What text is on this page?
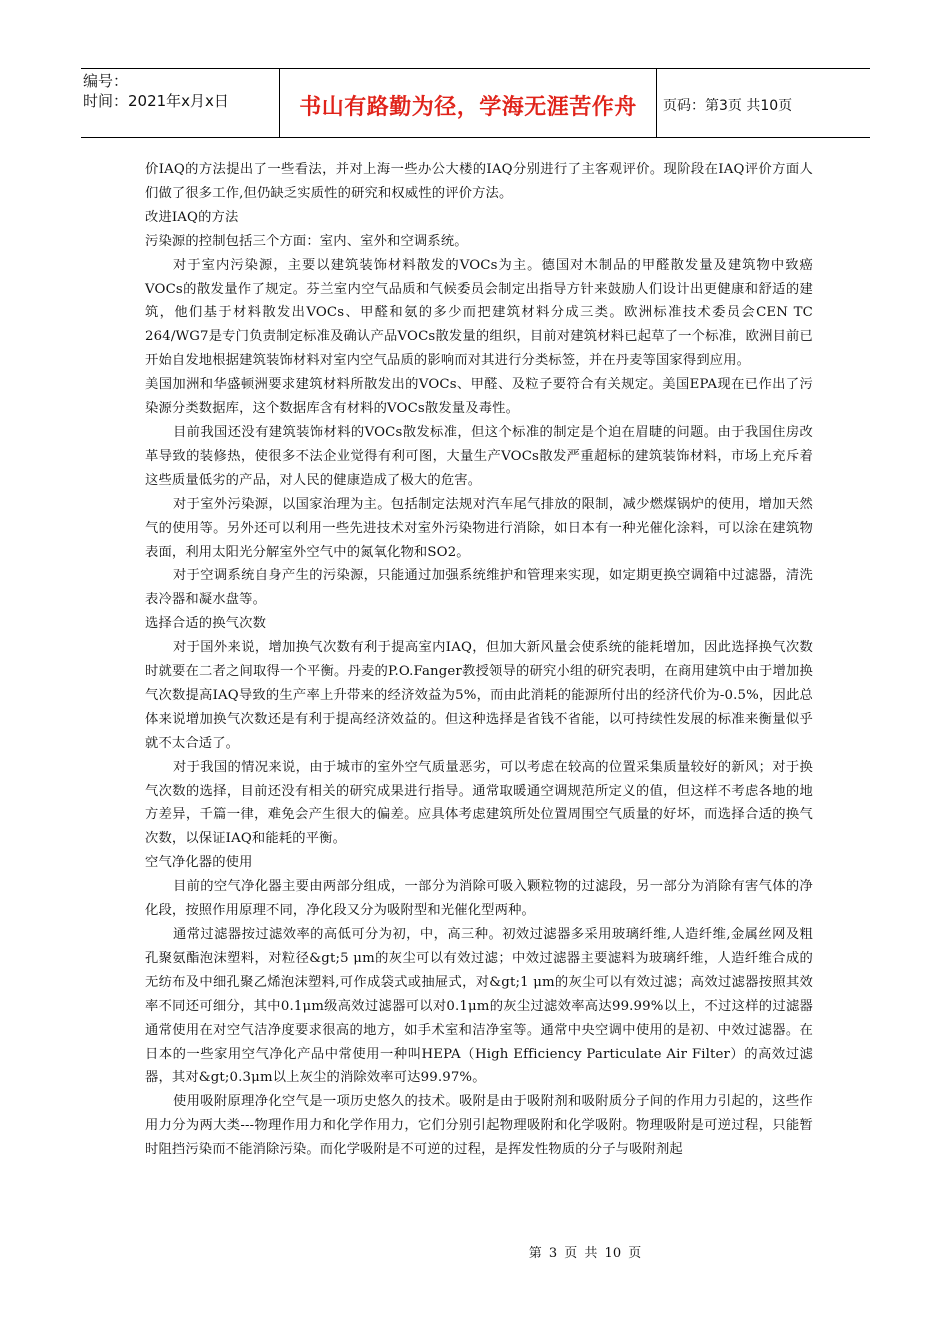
编号：
时间：2021年x月x日	书山有路勤为径，学海无涯苦作舟	页码：第3页 共10页

价IAQ的方法提出了一些看法，并对上海一些办公大楼的IAQ分别进行了主客观评价。现阶段在IAQ评价方面人们做了很多工作,但仍缺乏实质性的研究和权威性的评价方法。

改进IAQ的方法

污染源的控制包括三个方面：室内、室外和空调系统。

对于室内污染源，主要以建筑装饰材料散发的VOCs为主。德国对木制品的甲醛散发量及建筑物中致癌VOCs的散发量作了规定。芬兰室内空气品质和气候委员会制定出指导方针来鼓励人们设计出更健康和舒适的建筑，他们基于材料散发出VOCs、甲醛和氨的多少而把建筑材料分成三类。欧洲标准技术委员会CEN TC 264/WG7是专门负责制定标准及确认产品VOCs散发量的组织，目前对建筑材料已起草了一个标准，欧洲目前已开始自发地根据建筑装饰材料对室内空气品质的影响而对其进行分类标签，并在丹麦等国家得到应用。

美国加洲和华盛顿洲要求建筑材料所散发出的VOCs、甲醛、及粒子要符合有关规定。美国EPA现在已作出了污染源分类数据库，这个数据库含有材料的VOCs散发量及毒性。

目前我国还没有建筑装饰材料的VOCs散发标准，但这个标准的制定是个迫在眉睫的问题。由于我国住房改革导致的装修热，使很多不法企业觉得有利可图，大量生产VOCs散发严重超标的建筑装饰材料，市场上充斥着这些质量低劣的产品，对人民的健康造成了极大的危害。

对于室外污染源，以国家治理为主。包括制定法规对汽车尾气排放的限制，减少燃煤锅炉的使用，增加天然气的使用等。另外还可以利用一些先进技术对室外污染物进行消除，如日本有一种光催化涂料，可以涂在建筑物表面，利用太阳光分解室外空气中的氮氧化物和SO2。

对于空调系统自身产生的污染源，只能通过加强系统维护和管理来实现，如定期更换空调箱中过滤器，清洗表冷器和凝水盘等。

选择合适的换气次数

对于国外来说，增加换气次数有利于提高室内IAQ，但加大新风量会使系统的能耗增加，因此选择换气次数时就要在二者之间取得一个平衡。丹麦的P.O.Fanger教授领导的研究小组的研究表明，在商用建筑中由于增加换气次数提高IAQ导致的生产率上升带来的经济效益为5%，而由此消耗的能源所付出的经济代价为-0.5%，因此总体来说增加换气次数还是有利于提高经济效益的。但这种选择是省钱不省能，以可持续性发展的标准来衡量似乎就不太合适了。

对于我国的情况来说，由于城市的室外空气质量恶劣，可以考虑在较高的位置采集质量较好的新风；对于换气次数的选择，目前还没有相关的研究成果进行指导。通常取暖通空调规范所定义的值，但这样不考虑各地的地方差异，千篇一律，难免会产生很大的偏差。应具体考虑建筑所处位置周围空气质量的好坏，而选择合适的换气次数，以保证IAQ和能耗的平衡。

空气净化器的使用

目前的空气净化器主要由两部分组成，一部分为消除可吸入颗粒物的过滤段，另一部分为消除有害气体的净化段，按照作用原理不同，净化段又分为吸附型和光催化型两种。

通常过滤器按过滤效率的高低可分为初，中，高三种。初效过滤器多采用玻璃纤维,人造纤维,金属丝网及粗孔聚氨酯泡沫塑料，对粒径&gt;5 μm的灰尘可以有效过滤；中效过滤器主要滤料为玻璃纤维，人造纤维合成的无纺布及中细孔聚乙烯泡沫塑料,可作成袋式或抽屉式，对&gt;1 μm的灰尘可以有效过滤；高效过滤器按照其效率不同还可细分，其中0.1μm级高效过滤器可以对0.1μm的灰尘过滤效率高达99.99%以上，不过这样的过滤器通常使用在对空气洁净度要求很高的地方，如手术室和洁净室等。通常中央空调中使用的是初、中效过滤器。在日本的一些家用空气净化产品中常使用一种叫HEPA（High Efficiency Particulate Air Filter）的高效过滤器，其对&gt;0.3μm以上灰尘的消除效率可达99.97%。

使用吸附原理净化空气是一项历史悠久的技术。吸附是由于吸附剂和吸附质分子间的作用力引起的，这些作用力分为两大类---物理作用力和化学作用力，它们分别引起物理吸附和化学吸附。物理吸附是可逆过程，只能暂时阻挡污染而不能消除污染。而化学吸附是不可逆的过程，是挥发性物质的分子与吸附剂起

第 3 页 共 10 页
